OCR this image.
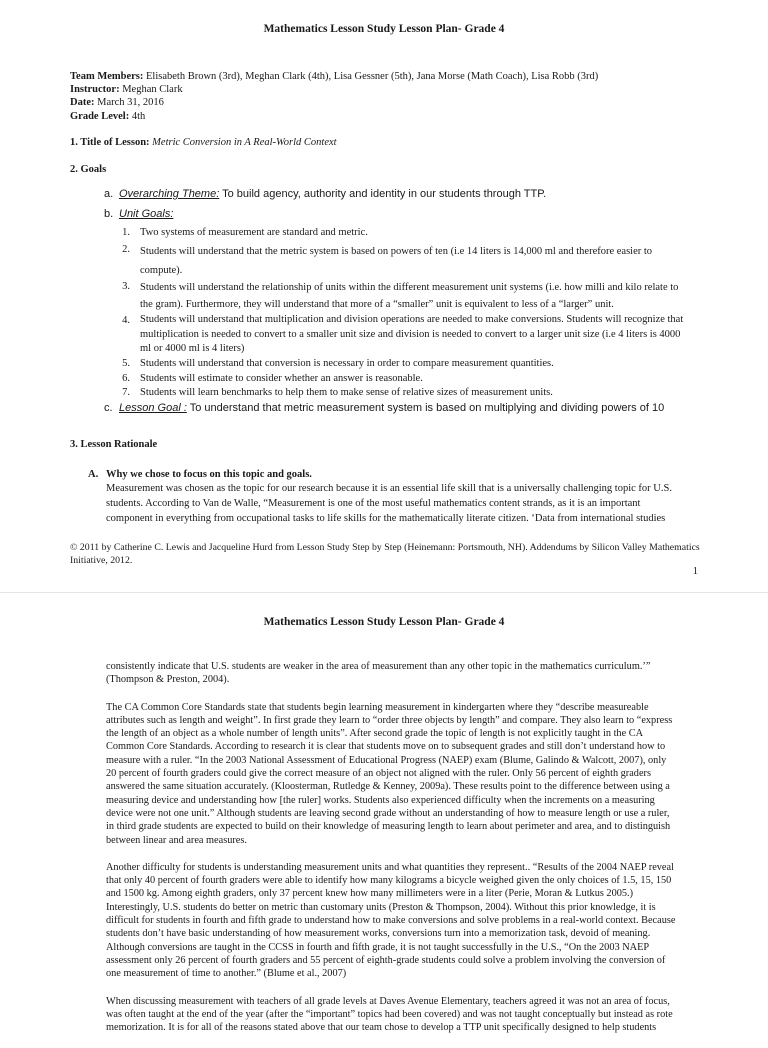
Mathematics Lesson Study Lesson Plan- Grade 4
Team Members: Elisabeth Brown (3rd), Meghan Clark (4th), Lisa Gessner (5th), Jana Morse (Math Coach), Lisa Robb (3rd)
Instructor: Meghan Clark
Date: March 31, 2016
Grade Level: 4th
1. Title of Lesson: Metric Conversion in A Real-World Context
2. Goals
a. Overarching Theme: To build agency, authority and identity in our students through TTP.
b. Unit Goals:
1. Two systems of measurement are standard and metric.
2. Students will understand that the metric system is based on powers of ten (i.e 14 liters is 14,000 ml and therefore easier to
compute).
3. Students will understand the relationship of units within the different measurement unit systems (i.e. how milli and kilo relate to
the gram). Furthermore, they will understand that more of a “smaller” unit is equivalent to less of a “larger” unit.
4. Students will understand that multiplication and division operations are needed to make conversions. Students will recognize that
multiplication is needed to convert to a smaller unit size and division is needed to convert to a larger unit size (i.e 4 liters is 4000
ml or 4000 ml is 4 liters)
5. Students will understand that conversion is necessary in order to compare measurement quantities.
6. Students will estimate to consider whether an answer is reasonable.
7. Students will learn benchmarks to help them to make sense of relative sizes of measurement units.
c. Lesson Goal : To understand that metric measurement system is based on multiplying and dividing powers of 10
3. Lesson Rationale
A. Why we chose to focus on this topic and goals.
Measurement was chosen as the topic for our research because it is an essential life skill that is a universally challenging topic for U.S.
students. According to Van de Walle, “Measurement is one of the most useful mathematics content strands, as it is an important
component in everything from occupational tasks to life skills for the mathematically literate citizen. ‘Data from international studies
© 2011 by Catherine C. Lewis and Jacqueline Hurd from Lesson Study Step by Step (Heinemann: Portsmouth, NH). Addendums by Silicon Valley Mathematics
Initiative, 2012.
1
Mathematics Lesson Study Lesson Plan- Grade 4

consistently indicate that U.S. students are weaker in the area of measurement than any other topic in the mathematics curriculum.’”
(Thompson & Preston, 2004).

The CA Common Core Standards state that students begin learning measurement in kindergarten where they “describe measureable
attributes such as length and weight”. In first grade they learn to “order three objects by length” and compare. They also learn to “express
the length of an object as a whole number of length units”. After second grade the topic of length is not explicitly taught in the CA
Common Core Standards. According to research it is clear that students move on to subsequent grades and still don’t understand how to
measure with a ruler. “In the 2003 National Assessment of Educational Progress (NAEP) exam (Blume, Galindo & Walcott, 2007), only
20 percent of fourth graders could give the correct measure of an object not aligned with the ruler. Only 56 percent of eighth graders
answered the same situation accurately. (Kloosterman, Rutledge & Kenney, 2009a). These results point to the difference between using a
measuring device and understanding how [the ruler] works. Students also experienced difficulty when the increments on a measuring
device were not one unit.” Although students are leaving second grade without an understanding of how to measure length or use a ruler,
in third grade students are expected to build on their knowledge of measuring length to learn about perimeter and area, and to distinguish
between linear and area measures.

Another difficulty for students is understanding measurement units and what quantities they represent.. “Results of the 2004 NAEP reveal
that only 40 percent of fourth graders were able to identify how many kilograms a bicycle weighed given the only choices of 1.5, 15, 150
and 1500 kg. Among eighth graders, only 37 percent knew how many millimeters were in a liter (Perie, Moran & Lutkus 2005.)
Interestingly, U.S. students do better on metric than customary units (Preston & Thompson, 2004). Without this prior knowledge, it is
difficult for students in fourth and fifth grade to understand how to make conversions and solve problems in a real-world context. Because
students don’t have basic understanding of how measurement works, conversions turn into a memorization task, devoid of meaning.
Although conversions are taught in the CCSS in fourth and fifth grade, it is not taught successfully in the U.S., “On the 2003 NAEP
assessment only 26 percent of fourth graders and 55 percent of eighth-grade students could solve a problem involving the conversion of
one measurement of time to another.” (Blume et al., 2007)

When discussing measurement with teachers of all grade levels at Daves Avenue Elementary, teachers agreed it was not an area of focus,
was often taught at the end of the year (after the “important” topics had been covered) and was not taught conceptually but instead as rote
memorization. It is for all of the reasons stated above that our team chose to develop a TTP unit specifically designed to help students
